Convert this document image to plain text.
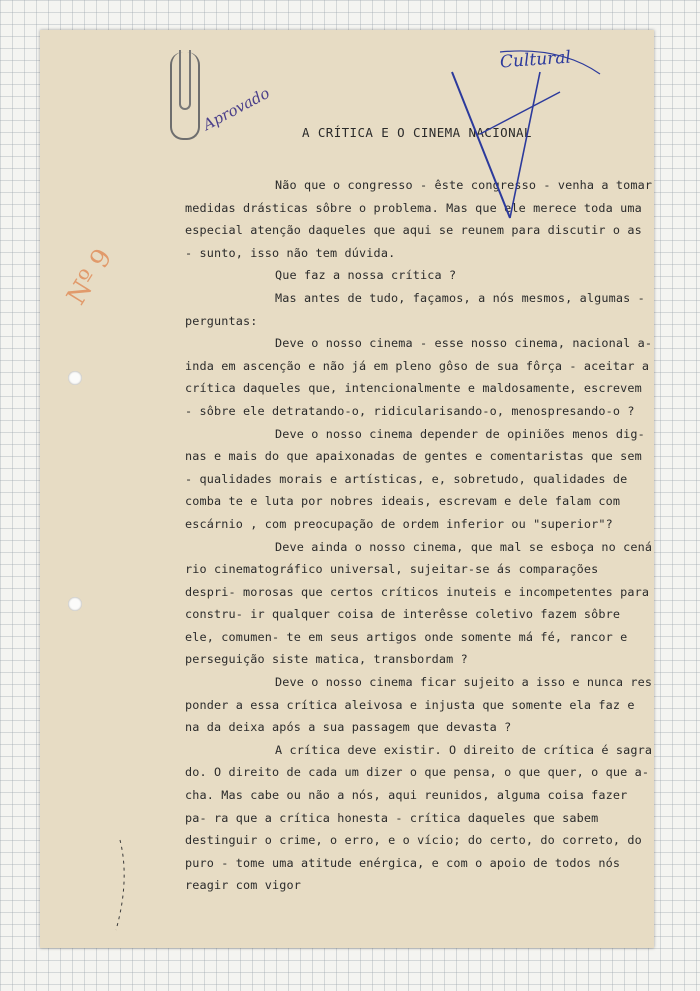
Cultural
Aprovado
Nº 9
A CRÍTICA E O CINEMA NACIONAL

Não que o congresso - êste congresso - venha a tomar medidas drásticas sôbre o problema. Mas que ele merece toda uma especial atenção daqueles que aqui se reunem para discutir o as - sunto, isso não tem dúvida.

Que faz a nossa crítica ?

Mas antes de tudo, façamos, a nós mesmos, algumas - perguntas:

Deve o nosso cinema - esse nosso cinema, nacional a- inda em ascenção e não já em pleno gôso de sua fôrça - aceitar a crítica daqueles que, intencionalmente e maldosamente, escrevem - sôbre ele detratando-o, ridicularisando-o, menospresando-o ?

Deve o nosso cinema depender de opiniões menos dig- nas e mais do que apaixonadas de gentes e comentaristas que sem - qualidades morais e artísticas, e, sobretudo, qualidades de comba te e luta por nobres ideais, escrevam e dele falam com escárnio , com preocupação de ordem inferior ou "superior"?

Deve ainda o nosso cinema, que mal se esboça no cená rio cinematográfico universal, sujeitar-se ás comparações despri- morosas que certos críticos inuteis e incompetentes para constru- ir qualquer coisa de interêsse coletivo fazem sôbre ele, comumen- te em seus artigos onde somente má fé, rancor e perseguição siste matica, transbordam ?

Deve o nosso cinema ficar sujeito a isso e nunca res ponder a essa crítica aleivosa e injusta que somente ela faz e na da deixa após a sua passagem que devasta ?

A crítica deve existir. O direito de crítica é sagra do. O direito de cada um dizer o que pensa, o que quer, o que a- cha. Mas cabe ou não a nós, aqui reunidos, alguma coisa fazer pa- ra que a crítica honesta - crítica daqueles que sabem destinguir o crime, o erro, e o vício; do certo, do correto, do puro - tome uma atitude enérgica, e com o apoio de todos nós reagir com vigor
